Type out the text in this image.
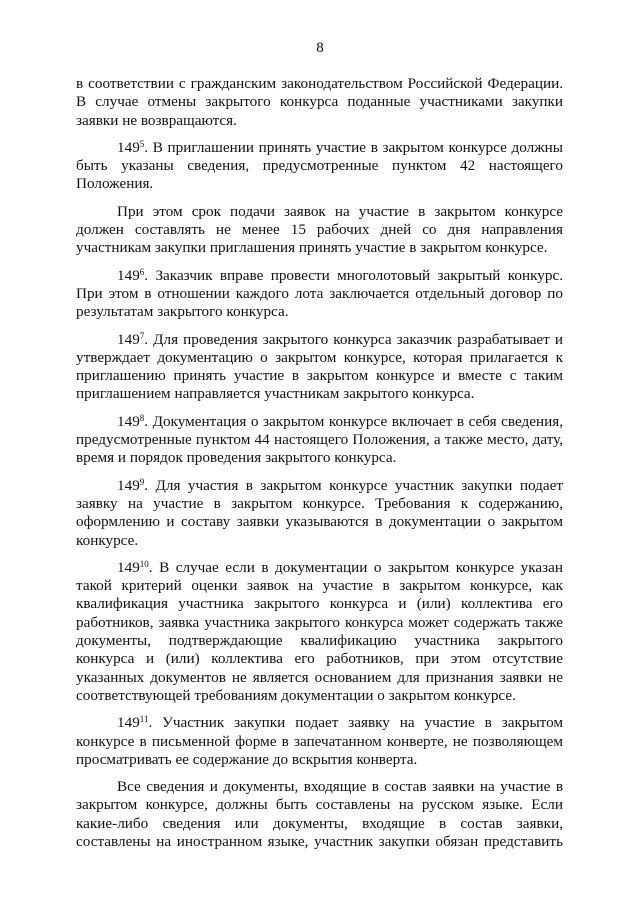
8

в соответствии с гражданским законодательством Российской Федерации. В случае отмены закрытого конкурса поданные участниками закупки заявки не возвращаются.

$149^5$. В приглашении принять участие в закрытом конкурсе должны быть указаны сведения, предусмотренные пунктом 42 настоящего Положения.

При этом срок подачи заявок на участие в закрытом конкурсе должен составлять не менее 15 рабочих дней со дня направления участникам закупки приглашения принять участие в закрытом конкурсе.

$149^6$. Заказчик вправе провести многолотовый закрытый конкурс. При этом в отношении каждого лота заключается отдельный договор по результатам закрытого конкурса.

$149^7$. Для проведения закрытого конкурса заказчик разрабатывает и утверждает документацию о закрытом конкурсе, которая прилагается к приглашению принять участие в закрытом конкурсе и вместе с таким приглашением направляется участникам закрытого конкурса.

$149^8$. Документация о закрытом конкурсе включает в себя сведения, предусмотренные пунктом 44 настоящего Положения, а также место, дату, время и порядок проведения закрытого конкурса.

$149^9$. Для участия в закрытом конкурсе участник закупки подает заявку на участие в закрытом конкурсе. Требования к содержанию, оформлению и составу заявки указываются в документации о закрытом конкурсе.

$149^{10}$. В случае если в документации о закрытом конкурсе указан такой критерий оценки заявок на участие в закрытом конкурсе, как квалификация участника закрытого конкурса и (или) коллектива его работников, заявка участника закрытого конкурса может содержать также документы, подтверждающие квалификацию участника закрытого конкурса и (или) коллектива его работников, при этом отсутствие указанных документов не является основанием для признания заявки не соответствующей требованиям документации о закрытом конкурсе.

$149^{11}$. Участник закупки подает заявку на участие в закрытом конкурсе в письменной форме в запечатанном конверте, не позволяющем просматривать ее содержание до вскрытия конверта.

Все сведения и документы, входящие в состав заявки на участие в закрытом конкурсе, должны быть составлены на русском языке. Если какие-либо сведения или документы, входящие в состав заявки, составлены на иностранном языке, участник закупки обязан представить
